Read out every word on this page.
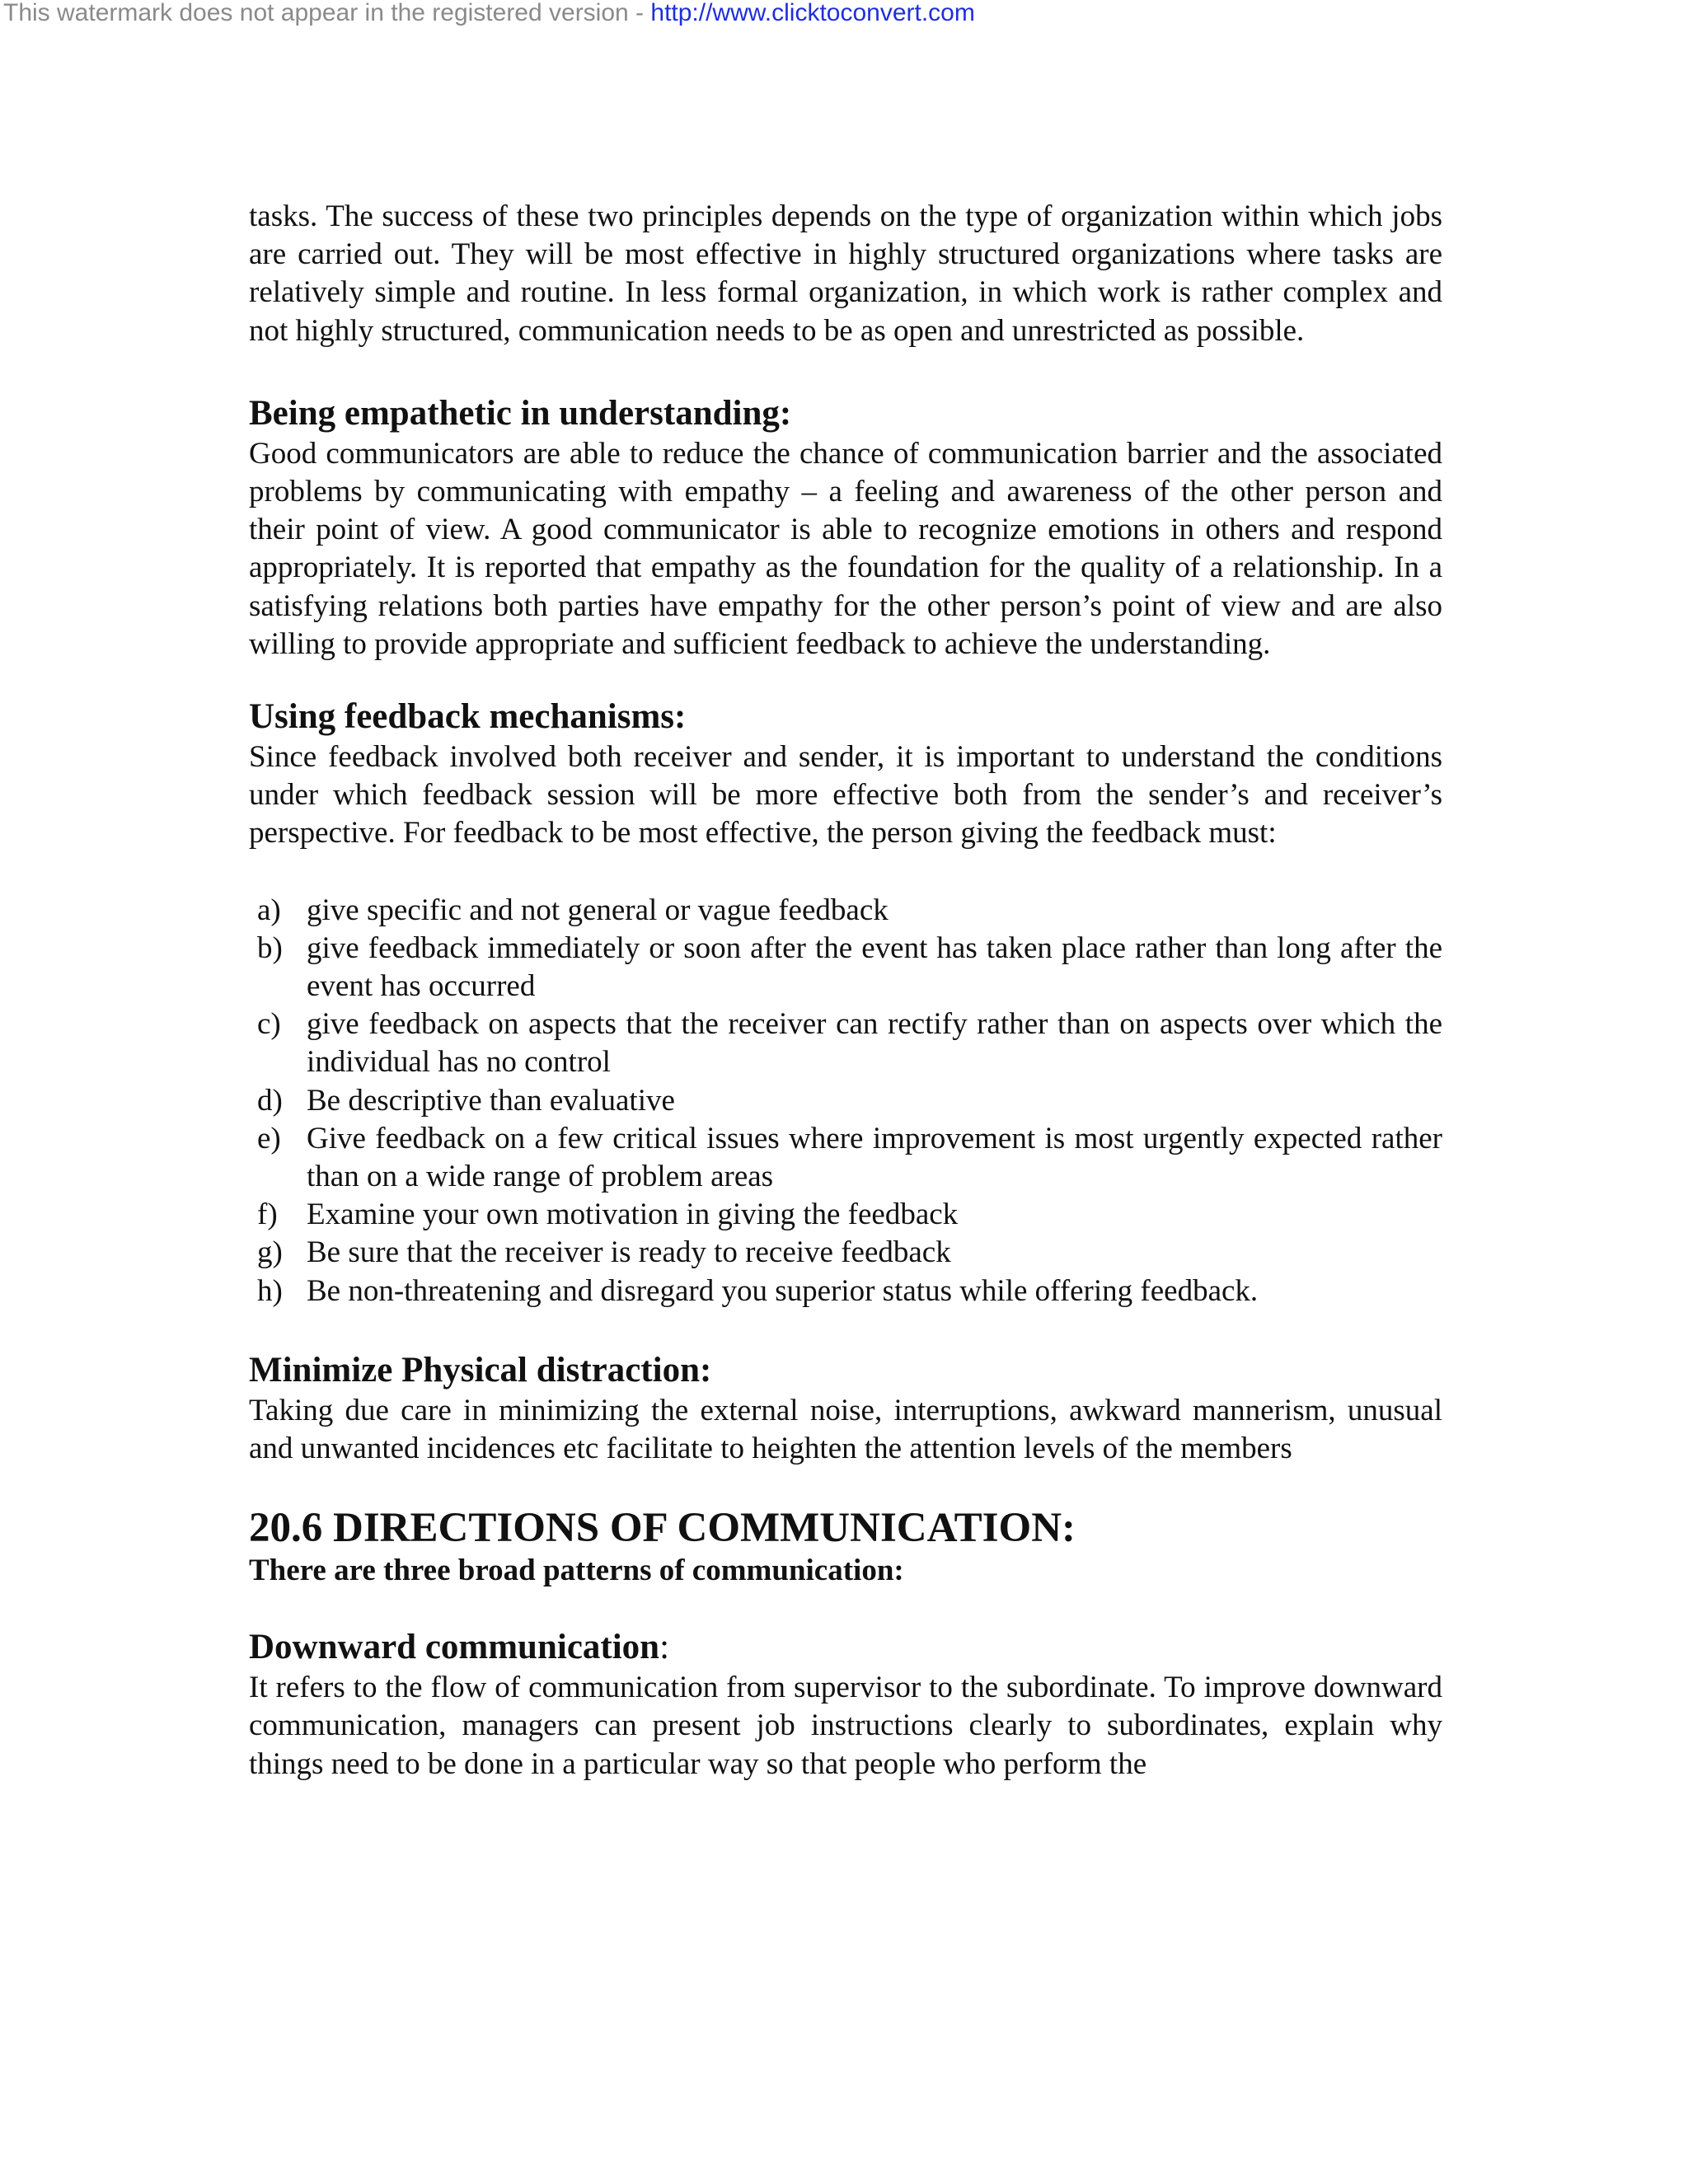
This watermark does not appear in the registered version - http://www.clicktoconvert.com

tasks. The success of these two principles depends on the type of organization within which jobs are carried out. They will be most effective in highly structured organizations where tasks are relatively simple and routine. In less formal organization, in which work is rather complex and not highly structured, communication needs to be as open and unrestricted as possible.

Being empathetic in understanding:

Good communicators are able to reduce the chance of communication barrier and the associated problems by communicating with empathy – a feeling and awareness of the other person and their point of view. A good communicator is able to recognize emotions in others and respond appropriately. It is reported that empathy as the foundation for the quality of a relationship. In a satisfying relations both parties have empathy for the other person’s point of view and are also willing to provide appropriate and sufficient feedback to achieve the understanding.

Using feedback mechanisms:

Since feedback involved both receiver and sender, it is important to understand the conditions under which feedback session will be more effective both from the sender’s and receiver’s perspective. For feedback to be most effective, the person giving the feedback must:

a) give specific and not general or vague feedback
b) give feedback immediately or soon after the event has taken place rather than long after the event has occurred
c) give feedback on aspects that the receiver can rectify rather than on aspects over which the individual has no control
d) Be descriptive than evaluative
e) Give feedback on a few critical issues where improvement is most urgently expected rather than on a wide range of problem areas
f) Examine your own motivation in giving the feedback
g) Be sure that the receiver is ready to receive feedback
h) Be non-threatening and disregard you superior status while offering feedback.
Minimize Physical distraction:

Taking due care in minimizing the external noise, interruptions, awkward mannerism, unusual and unwanted incidences etc facilitate to heighten the attention levels of the members

20.6 DIRECTIONS OF COMMUNICATION:

There are three broad patterns of communication:

Downward communication:

It refers to the flow of communication from supervisor to the subordinate. To improve downward communication, managers can present job instructions clearly to subordinates, explain why things need to be done in a particular way so that people who perform the
